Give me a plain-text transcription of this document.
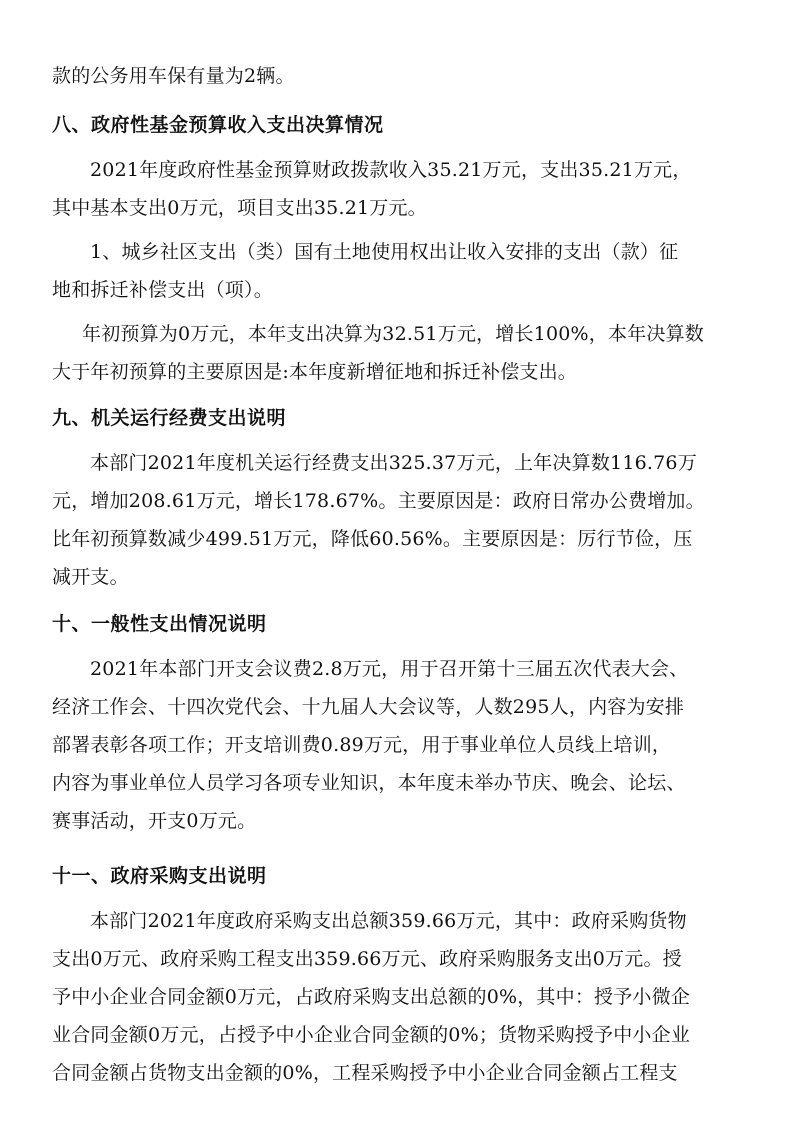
款的公务用车保有量为2辆。
八、政府性基金预算收入支出决算情况
2021年度政府性基金预算财政拨款收入35.21万元，支出35.21万元，
其中基本支出0万元，项目支出35.21万元。
1、城乡社区支出（类）国有土地使用权出让收入安排的支出（款）征
地和拆迁补偿支出（项）。
年初预算为0万元，本年支出决算为32.51万元，增长100%，本年决算数
大于年初预算的主要原因是:本年度新增征地和拆迁补偿支出。
九、机关运行经费支出说明
本部门2021年度机关运行经费支出325.37万元，上年决算数116.76万
元，增加208.61万元，增长178.67%。主要原因是：政府日常办公费增加。
比年初预算数减少499.51万元，降低60.56%。主要原因是：厉行节俭，压
减开支。
十、一般性支出情况说明
2021年本部门开支会议费2.8万元，用于召开第十三届五次代表大会、
经济工作会、十四次党代会、十九届人大会议等，人数295人，内容为安排
部署表彰各项工作；开支培训费0.89万元，用于事业单位人员线上培训，
内容为事业单位人员学习各项专业知识，本年度未举办节庆、晚会、论坛、
赛事活动，开支0万元。
十一、政府采购支出说明
本部门2021年度政府采购支出总额359.66万元，其中：政府采购货物
支出0万元、政府采购工程支出359.66万元、政府采购服务支出0万元。授
予中小企业合同金额0万元，占政府采购支出总额的0%，其中：授予小微企
业合同金额0万元，占授予中小企业合同金额的0%；货物采购授予中小企业
合同金额占货物支出金额的0%，工程采购授予中小企业合同金额占工程支
